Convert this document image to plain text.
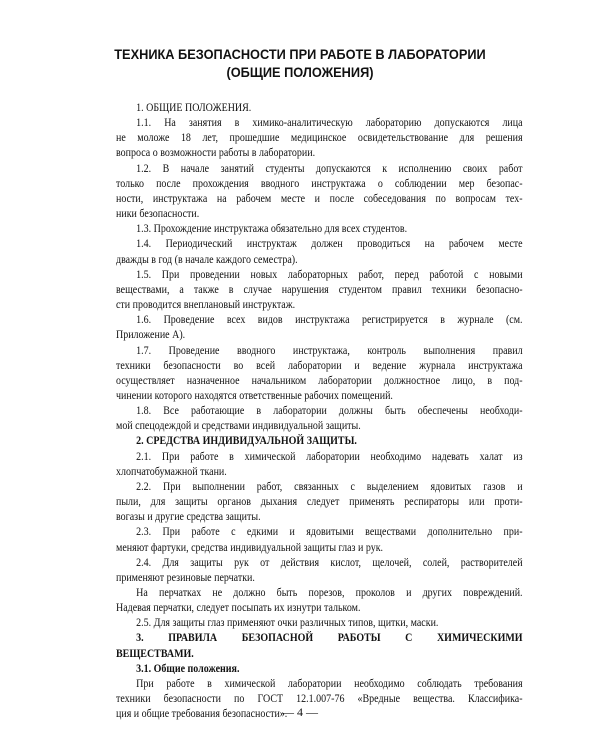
ТЕХНИКА БЕЗОПАСНОСТИ ПРИ РАБОТЕ В ЛАБОРАТОРИИ
(ОБЩИЕ ПОЛОЖЕНИЯ)
1. ОБЩИЕ ПОЛОЖЕНИЯ.
1.1. На занятия в химико-аналитическую лабораторию допускаются лица
не моложе 18 лет, прошедшие медицинское освидетельствование для решения
вопроса о возможности работы в лаборатории.
1.2. В начале занятий студенты допускаются к исполнению своих работ
только после прохождения вводного инструктажа о соблюдении мер безопас-
ности, инструктажа на рабочем месте и после собеседования по вопросам тех-
ники безопасности.
1.3. Прохождение инструктажа обязательно для всех студентов.
1.4. Периодический инструктаж должен проводиться на рабочем месте
дважды в год (в начале каждого семестра).
1.5. При проведении новых лабораторных работ, перед работой с новыми
веществами, а также в случае нарушения студентом правил техники безопасно-
сти проводится внеплановый инструктаж.
1.6. Проведение всех видов инструктажа регистрируется в журнале (см.
Приложение А).
1.7. Проведение вводного инструктажа, контроль выполнения правил
техники безопасности во всей лаборатории и ведение журнала инструктажа
осуществляет назначенное начальником лаборатории должностное лицо, в под-
чинении которого находятся ответственные рабочих помещений.
1.8. Все работающие в лаборатории должны быть обеспечены необходи-
мой спецодеждой и средствами индивидуальной защиты.
2. СРЕДСТВА ИНДИВИДУАЛЬНОЙ ЗАЩИТЫ.
2.1. При работе в химической лаборатории необходимо надевать халат из
хлопчатобумажной ткани.
2.2. При выполнении работ, связанных с выделением ядовитых газов и
пыли, для защиты органов дыхания следует применять респираторы или проти-
вогазы и другие средства защиты.
2.3. При работе с едкими и ядовитыми веществами дополнительно при-
меняют фартуки, средства индивидуальной защиты глаз и рук.
2.4. Для защиты рук от действия кислот, щелочей, солей, растворителей
применяют резиновые перчатки.
На перчатках не должно быть порезов, проколов и других повреждений.
Надевая перчатки, следует посыпать их изнутри тальком.
2.5. Для защиты глаз применяют очки различных типов, щитки, маски.
3. ПРАВИЛА БЕЗОПАСНОЙ РАБОТЫ С ХИМИЧЕСКИМИ
ВЕЩЕСТВАМИ.
3.1. Общие положения.
При работе в химической лаборатории необходимо соблюдать требования
техники безопасности по ГОСТ 12.1.007-76 «Вредные вещества. Классифика-
ция и общие требования безопасности».
— 4 —
